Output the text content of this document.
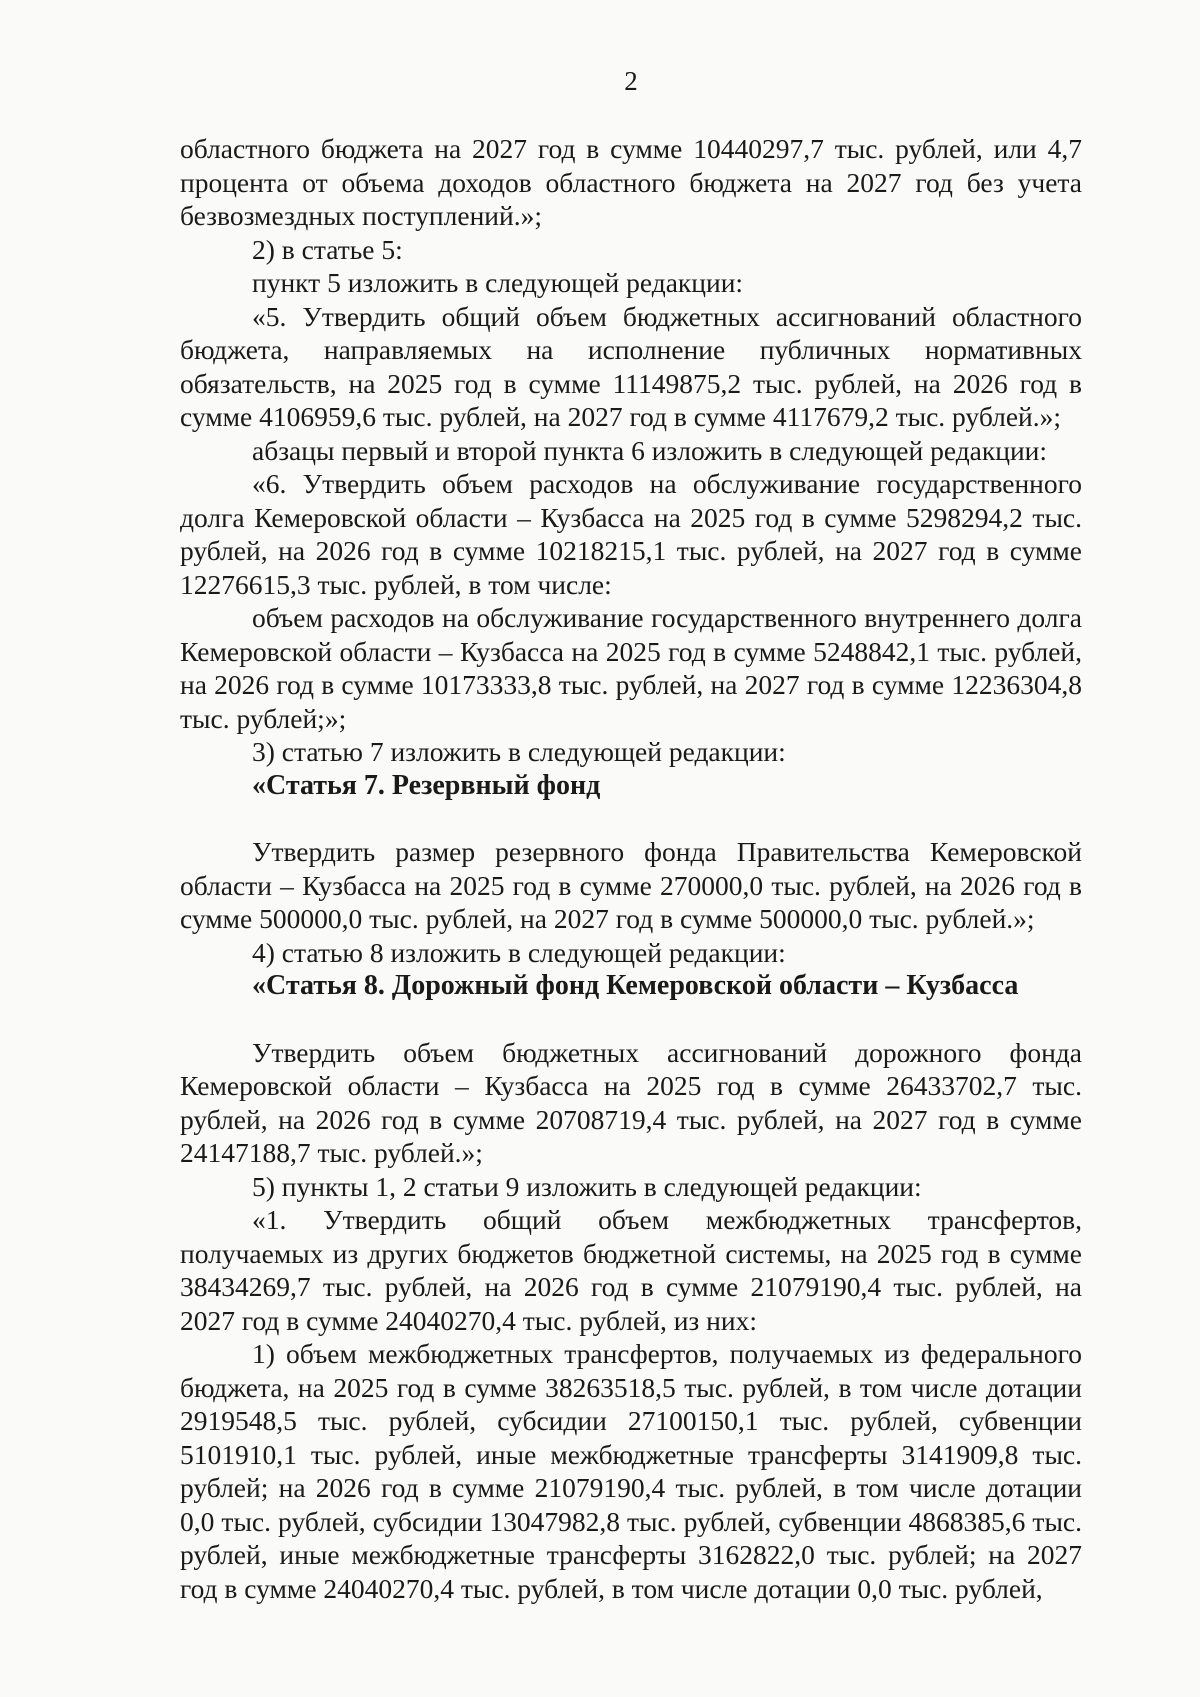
2

областного бюджета на 2027 год в сумме 10440297,7 тыс. рублей, или 4,7 процента от объема доходов областного бюджета на 2027 год без учета безвозмездных поступлений.»;

2) в статье 5:

пункт 5 изложить в следующей редакции:

«5. Утвердить общий объем бюджетных ассигнований областного бюджета, направляемых на исполнение публичных нормативных обязательств, на 2025 год в сумме 11149875,2 тыс. рублей, на 2026 год в сумме 4106959,6 тыс. рублей, на 2027 год в сумме 4117679,2 тыс. рублей.»;

абзацы первый и второй пункта 6 изложить в следующей редакции:

«6. Утвердить объем расходов на обслуживание государственного долга Кемеровской области – Кузбасса на 2025 год в сумме 5298294,2 тыс. рублей, на 2026 год в сумме 10218215,1 тыс. рублей, на 2027 год в сумме 12276615,3 тыс. рублей, в том числе:

объем расходов на обслуживание государственного внутреннего долга Кемеровской области – Кузбасса на 2025 год в сумме 5248842,1 тыс. рублей, на 2026 год в сумме 10173333,8 тыс. рублей, на 2027 год в сумме 12236304,8 тыс. рублей;»;

3) статью 7 изложить в следующей редакции:

«Статья 7. Резервный фонд

Утвердить размер резервного фонда Правительства Кемеровской области – Кузбасса на 2025 год в сумме 270000,0 тыс. рублей, на 2026 год в сумме 500000,0 тыс. рублей, на 2027 год в сумме 500000,0 тыс. рублей.»;

4) статью 8 изложить в следующей редакции:

«Статья 8. Дорожный фонд Кемеровской области – Кузбасса

Утвердить объем бюджетных ассигнований дорожного фонда Кемеровской области – Кузбасса на 2025 год в сумме 26433702,7 тыс. рублей, на 2026 год в сумме 20708719,4 тыс. рублей, на 2027 год в сумме 24147188,7 тыс. рублей.»;

5) пункты 1, 2 статьи 9 изложить в следующей редакции:

«1. Утвердить общий объем межбюджетных трансфертов, получаемых из других бюджетов бюджетной системы, на 2025 год в сумме 38434269,7 тыс. рублей, на 2026 год в сумме 21079190,4 тыс. рублей, на 2027 год в сумме 24040270,4 тыс. рублей, из них:

1) объем межбюджетных трансфертов, получаемых из федерального бюджета, на 2025 год в сумме 38263518,5 тыс. рублей, в том числе дотации 2919548,5 тыс. рублей, субсидии 27100150,1 тыс. рублей, субвенции 5101910,1 тыс. рублей, иные межбюджетные трансферты 3141909,8 тыс. рублей; на 2026 год в сумме 21079190,4 тыс. рублей, в том числе дотации 0,0 тыс. рублей, субсидии 13047982,8 тыс. рублей, субвенции 4868385,6 тыс. рублей, иные межбюджетные трансферты 3162822,0 тыс. рублей; на 2027 год в сумме 24040270,4 тыс. рублей, в том числе дотации 0,0 тыс. рублей,
